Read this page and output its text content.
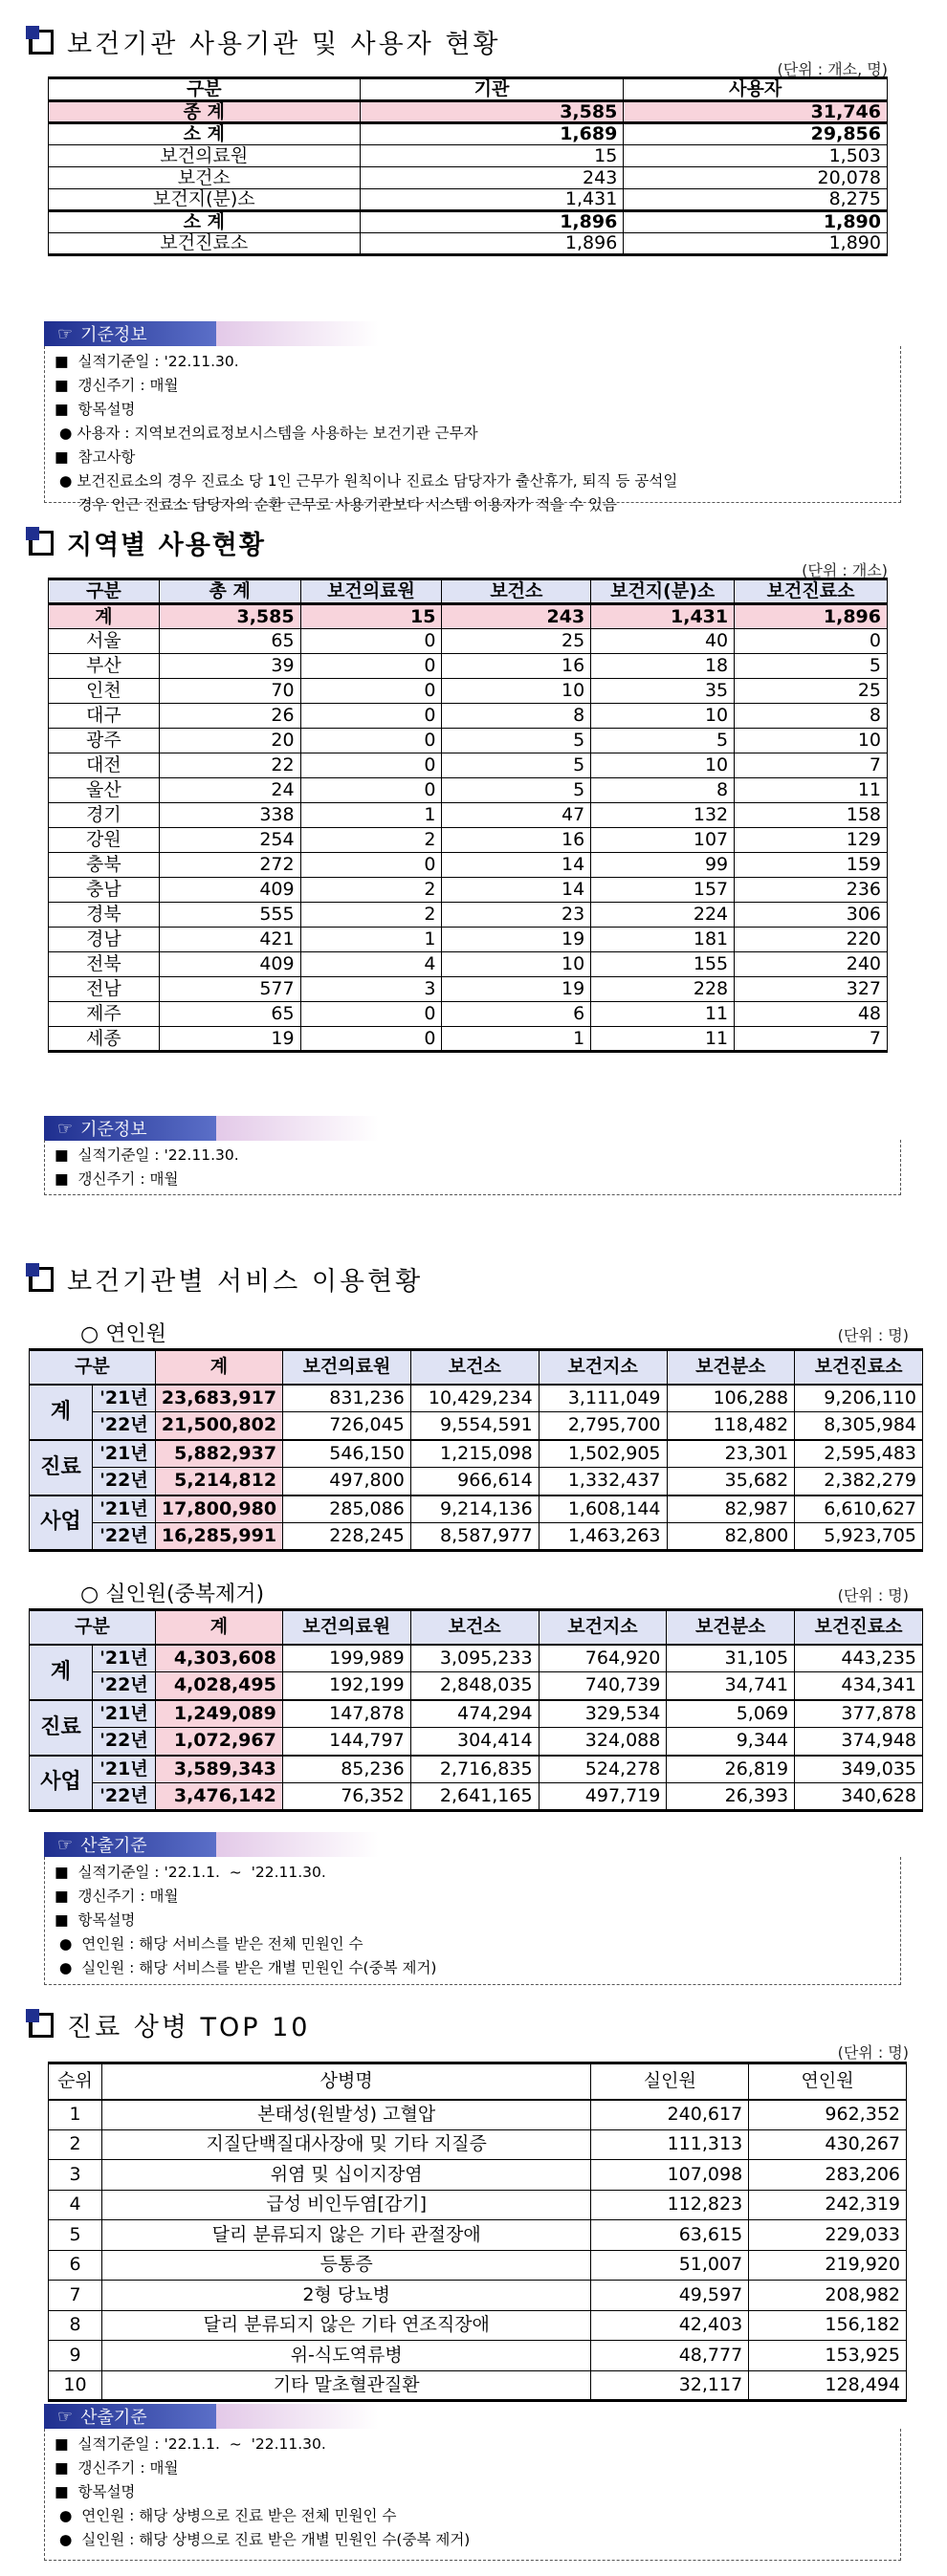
보건기관 사용기관 및 사용자 현황
(단위 : 개소, 명)
구분	기관	사용자
종 계	3,585	31,746
소 계	1,689	29,856
보건의료원	15	1,503
보건소	243	20,078
보건지(분)소	1,431	8,275
소 계	1,896	1,890
보건진료소	1,896	1,890
☞ 기준정보
■  실적기준일 : '22.11.30.
■  갱신주기 : 매월
■  항목설명
● 사용자 : 지역보건의료정보시스템을 사용하는 보건기관 근무자
■  참고사항
● 보건진료소의 경우 진료소 당 1인 근무가 원칙이나 진료소 담당자가 출산휴가, 퇴직 등 공석일
경우 인근 진료소 담당자의 순환 근무로 사용기관보다 시스템 이용자가 적을 수 있음
지역별 사용현황
(단위 : 개소)
구분	총 계	보건의료원	보건소	보건지(분)소	보건진료소
계	3,585	15	243	1,431	1,896
서울	65	0	25	40	0
부산	39	0	16	18	5
인천	70	0	10	35	25
대구	26	0	8	10	8
광주	20	0	5	5	10
대전	22	0	5	10	7
울산	24	0	5	8	11
경기	338	1	47	132	158
강원	254	2	16	107	129
충북	272	0	14	99	159
충남	409	2	14	157	236
경북	555	2	23	224	306
경남	421	1	19	181	220
전북	409	4	10	155	240
전남	577	3	19	228	327
제주	65	0	6	11	48
세종	19	0	1	11	7
☞ 기준정보
■  실적기준일 : '22.11.30.
■  갱신주기 : 매월
보건기관별 서비스 이용현황
○ 연인원	(단위 : 명)
구분		계	보건의료원	보건소	보건지소	보건분소	보건진료소
계	'21년	23,683,917	831,236	10,429,234	3,111,049	106,288	9,206,110
	'22년	21,500,802	726,045	9,554,591	2,795,700	118,482	8,305,984
진료	'21년	5,882,937	546,150	1,215,098	1,502,905	23,301	2,595,483
	'22년	5,214,812	497,800	966,614	1,332,437	35,682	2,382,279
사업	'21년	17,800,980	285,086	9,214,136	1,608,144	82,987	6,610,627
	'22년	16,285,991	228,245	8,587,977	1,463,263	82,800	5,923,705
○ 실인원(중복제거)	(단위 : 명)
구분		계	보건의료원	보건소	보건지소	보건분소	보건진료소
계	'21년	4,303,608	199,989	3,095,233	764,920	31,105	443,235
	'22년	4,028,495	192,199	2,848,035	740,739	34,741	434,341
진료	'21년	1,249,089	147,878	474,294	329,534	5,069	377,878
	'22년	1,072,967	144,797	304,414	324,088	9,344	374,948
사업	'21년	3,589,343	85,236	2,716,835	524,278	26,819	349,035
	'22년	3,476,142	76,352	2,641,165	497,719	26,393	340,628
☞ 산출기준
■  실적기준일 : '22.1.1.  ~  '22.11.30.
■  갱신주기 : 매월
■  항목설명
●  연인원 : 해당 서비스를 받은 전체 민원인 수
●  실인원 : 해당 서비스를 받은 개별 민원인 수(중복 제거)
진료 상병 TOP 10
(단위 : 명)
순위	상병명	실인원	연인원
1	본태성(원발성) 고혈압	240,617	962,352
2	지질단백질대사장애 및 기타 지질증	111,313	430,267
3	위염 및 십이지장염	107,098	283,206
4	급성 비인두염[감기]	112,823	242,319
5	달리 분류되지 않은 기타 관절장애	63,615	229,033
6	등통증	51,007	219,920
7	2형 당뇨병	49,597	208,982
8	달리 분류되지 않은 기타 연조직장애	42,403	156,182
9	위-식도역류병	48,777	153,925
10	기타 말초혈관질환	32,117	128,494
☞ 산출기준
■  실적기준일 : '22.1.1.  ~  '22.11.30.
■  갱신주기 : 매월
■  항목설명
●  연인원 : 해당 상병으로 진료 받은 전체 민원인 수
●  실인원 : 해당 상병으로 진료 받은 개별 민원인 수(중복 제거)
